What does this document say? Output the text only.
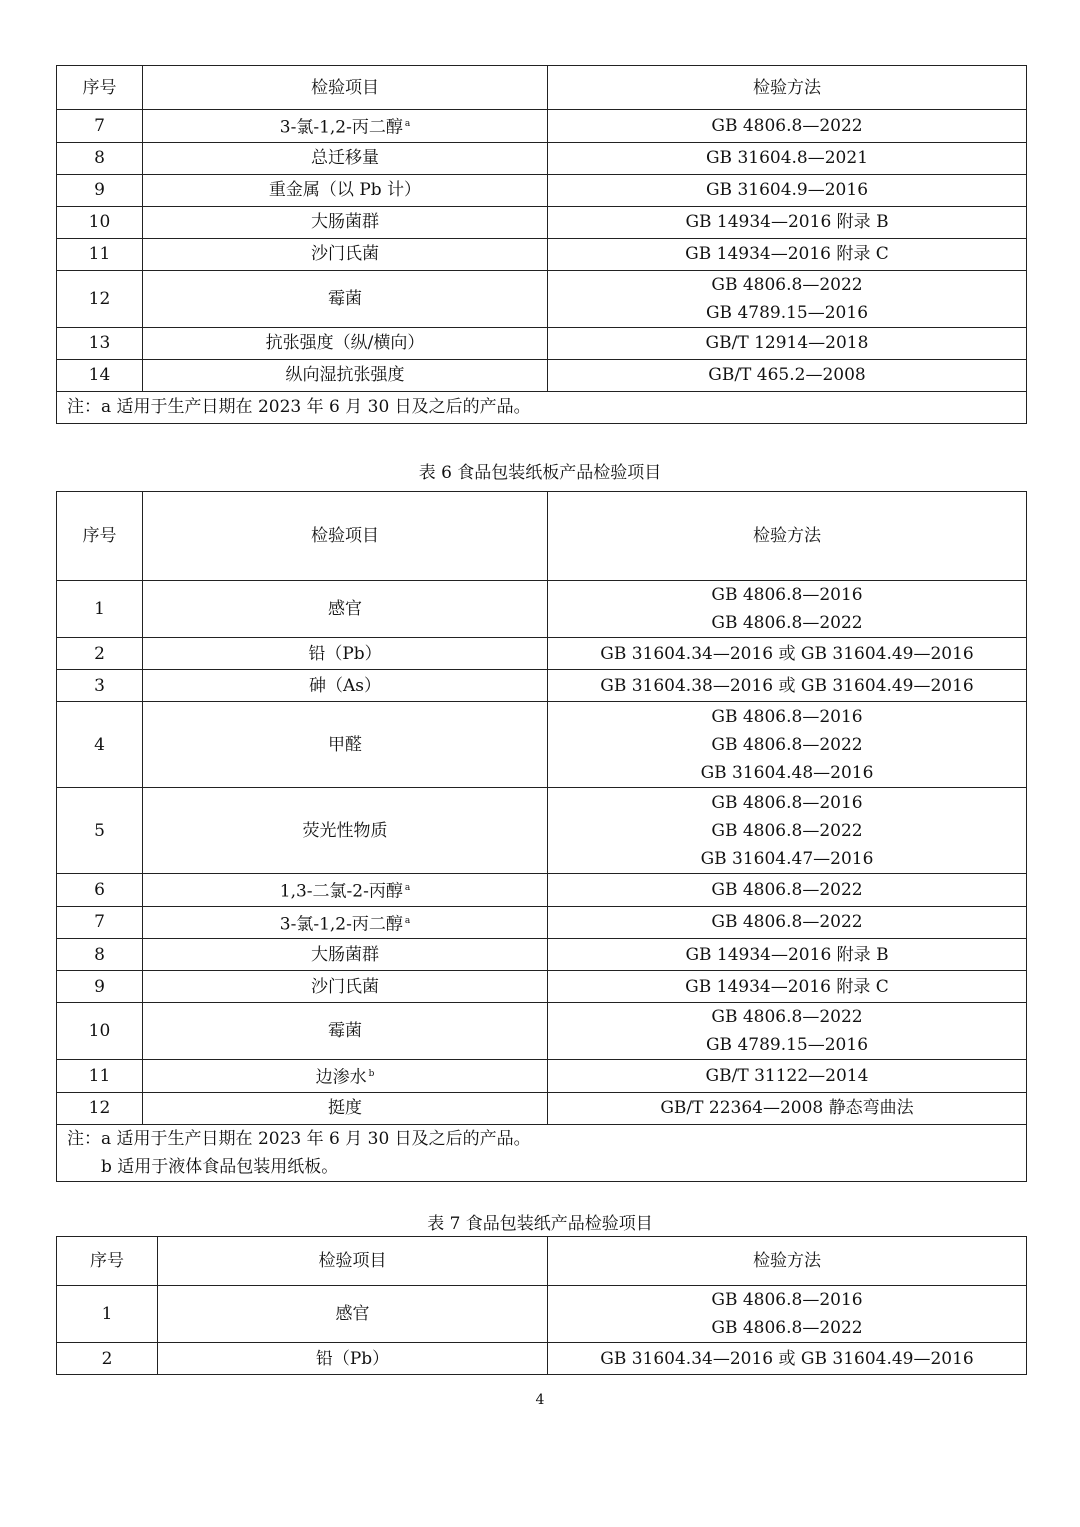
序号	检验项目	检验方法
7	3-氯-1,2-丙二醇 $^a$	GB 4806.8—2022

8	总迁移量	GB 31604.8—2021

9	重金属（以 Pb 计）	GB 31604.9—2016

10	大肠菌群	GB 14934—2016 附录 B

11	沙门氏菌	GB 14934—2016 附录 C

12	霉菌	GB 4806.8—2022
GB 4789.15—2016

13	抗张强度（纵/横向）	GB/T 12914—2018

14	纵向湿抗张强度	GB/T 465.2—2008

注：a 适用于生产日期在 2023 年 6 月 30 日及之后的产品。		
表 6 食品包装纸板产品检验项目
序号	检验项目	检验方法
1	感官	GB 4806.8—2016
GB 4806.8—2022

2	铅（Pb）	GB 31604.34—2016 或 GB 31604.49—2016

3	砷（As）	GB 31604.38—2016 或 GB 31604.49—2016

4	甲醛	GB 4806.8—2016
GB 4806.8—2022
GB 31604.48—2016

5	荧光性物质	GB 4806.8—2016
GB 4806.8—2022
GB 31604.47—2016

6	1,3-二氯-2-丙醇 $^a$	GB 4806.8—2022

7	3-氯-1,2-丙二醇 $^a$	GB 4806.8—2022

8	大肠菌群	GB 14934—2016 附录 B

9	沙门氏菌	GB 14934—2016 附录 C

10	霉菌	GB 4806.8—2022
GB 4789.15—2016

11	边渗水 $^b$	GB/T 31122—2014

12	挺度	GB/T 22364—2008 静态弯曲法

注：a 适用于生产日期在 2023 年 6 月 30 日及之后的产品。
　　b 适用于液体食品包装用纸板。		
表 7 食品包装纸产品检验项目
序号	检验项目	检验方法
1	感官	GB 4806.8—2016
GB 4806.8—2022

2	铅（Pb）	GB 31604.34—2016 或 GB 31604.49—2016
4
